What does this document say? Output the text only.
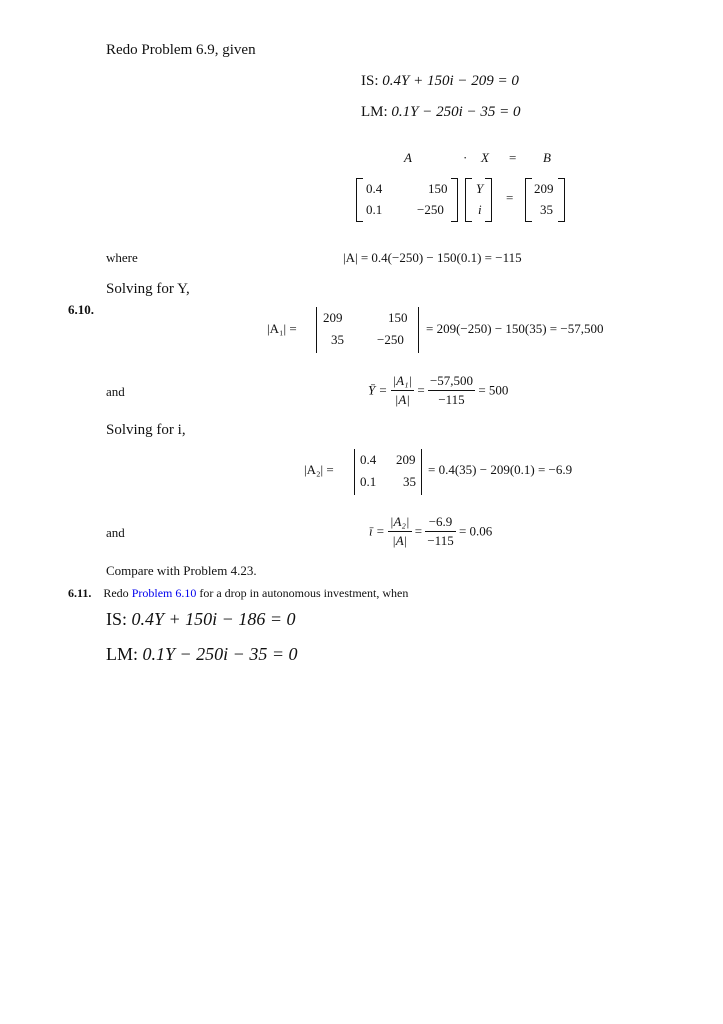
Redo Problem 6.9, given
IS: 0.4Y + 150i − 209 = 0
LM: 0.1Y − 250i − 35 = 0
A	· X = B
0.4	150
0.1	−250
Y
i
=
209
35
where	|A| = 0.4(−250) − 150(0.1) = −115
Solving for Y,
6.10.
|A₁| =
209	150
35	−250
= 209(−250) − 150(35) = −57,500
and	Ȳ = $\frac{\text{|A₁|}}{|A|} = \frac{-57,500}{-115} = 500$
Solving for i,
|A₂| =
0.4 209
0.1 35
= 0.4(35) − 209(0.1) = −6.9
and	ī = $\frac{\text{|A₂|}}{|A|} = \frac{-6.9}{-115} = 0.06$
Compare with Problem 4.23.
6.11. Redo Problem 6.10 for a drop in autonomous investment, when
IS: 0.4Y + 150i − 186 = 0
LM: 0.1Y − 250i − 35 = 0
